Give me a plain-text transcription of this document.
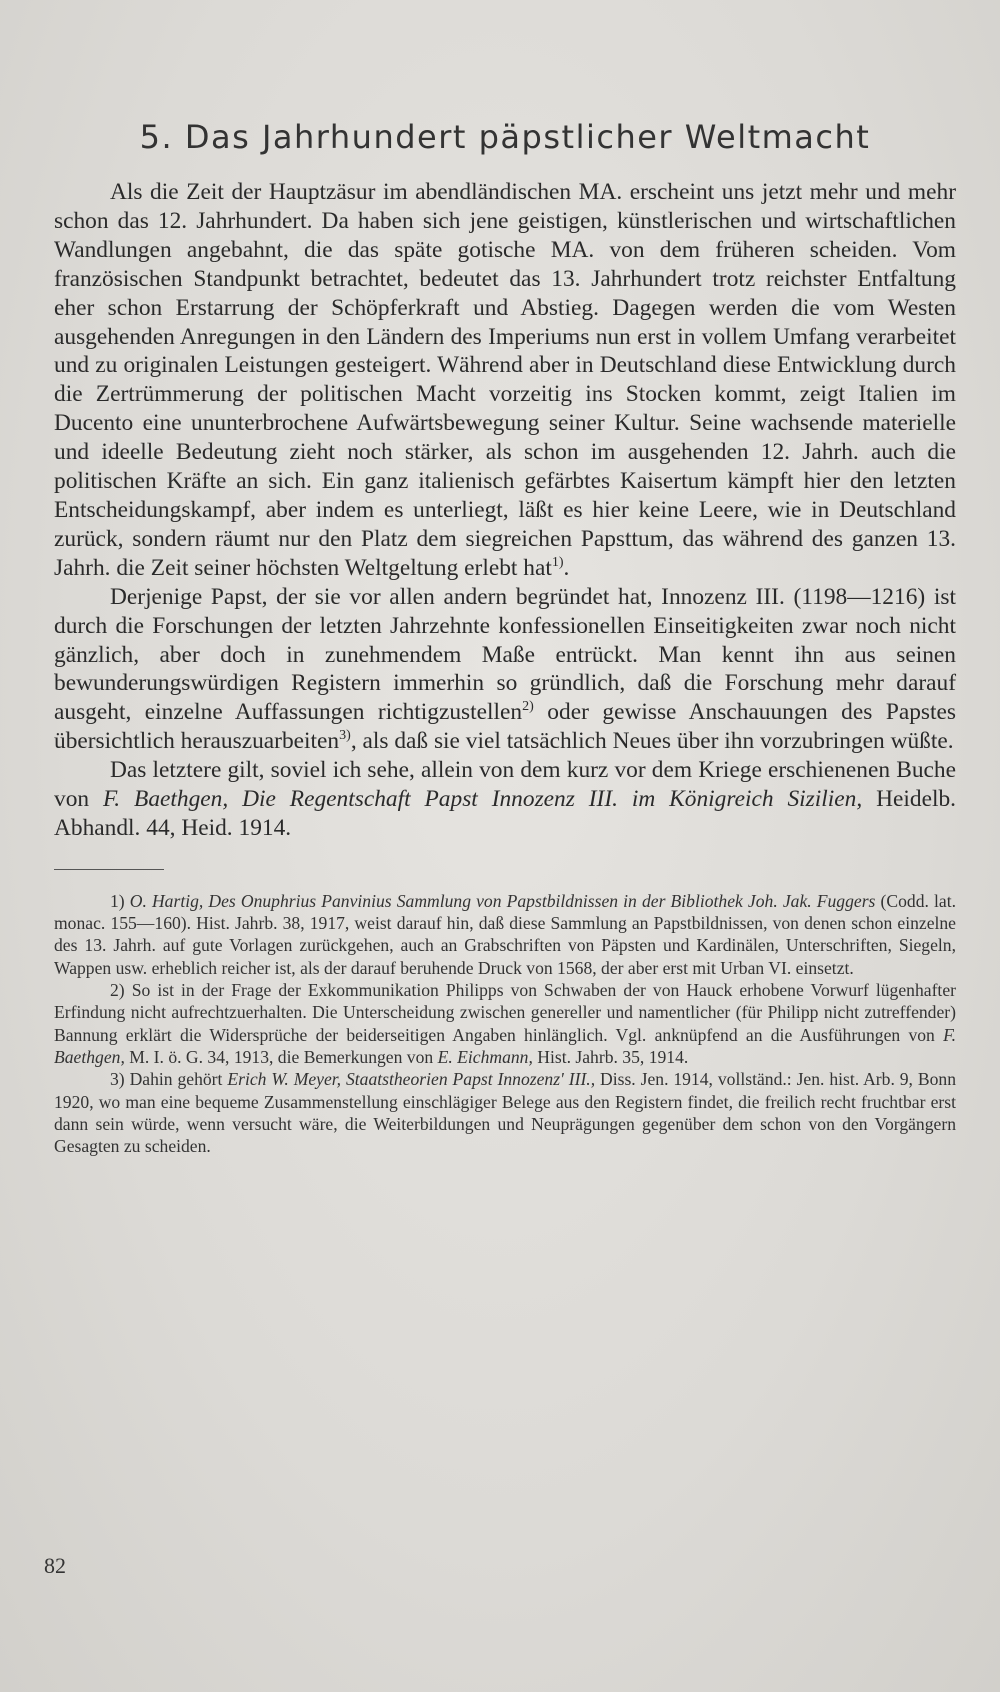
5. Das Jahrhundert päpstlicher Weltmacht

Als die Zeit der Hauptzäsur im abendländischen MA. erscheint uns jetzt mehr und mehr schon das 12. Jahrhundert. Da haben sich jene geistigen, künstlerischen und wirtschaftlichen Wandlungen angebahnt, die das späte gotische MA. von dem früheren scheiden. Vom französischen Standpunkt betrachtet, bedeutet das 13. Jahrhundert trotz reichster Entfaltung eher schon Erstarrung der Schöpferkraft und Abstieg. Dagegen werden die vom Westen ausgehenden Anregungen in den Ländern des Imperiums nun erst in vollem Umfang verarbeitet und zu originalen Leistungen gesteigert. Während aber in Deutschland diese Entwicklung durch die Zertrümmerung der politischen Macht vorzeitig ins Stocken kommt, zeigt Italien im Ducento eine ununterbrochene Aufwärtsbewegung seiner Kultur. Seine wachsende materielle und ideelle Bedeutung zieht noch stärker, als schon im ausgehenden 12. Jahrh. auch die politischen Kräfte an sich. Ein ganz italienisch gefärbtes Kaisertum kämpft hier den letzten Entscheidungskampf, aber indem es unterliegt, läßt es hier keine Leere, wie in Deutschland zurück, sondern räumt nur den Platz dem siegreichen Papsttum, das während des ganzen 13. Jahrh. die Zeit seiner höchsten Weltgeltung erlebt hat$^{1)}$.

Derjenige Papst, der sie vor allen andern begründet hat, Innozenz III. (1198—1216) ist durch die Forschungen der letzten Jahrzehnte konfessionellen Einseitigkeiten zwar noch nicht gänzlich, aber doch in zunehmendem Maße entrückt. Man kennt ihn aus seinen bewunderungswürdigen Registern immerhin so gründlich, daß die Forschung mehr darauf ausgeht, einzelne Auffassungen richtigzustellen$^{2)}$ oder gewisse Anschauungen des Papstes übersichtlich herauszuarbeiten$^{3)}$, als daß sie viel tatsächlich Neues über ihn vorzubringen wüßte.

Das letztere gilt, soviel ich sehe, allein von dem kurz vor dem Kriege erschienenen Buche von F. Baethgen, Die Regentschaft Papst Innozenz III. im Königreich Sizilien, Heidelb. Abhandl. 44, Heid. 1914.

1) O. Hartig, Des Onuphrius Panvinius Sammlung von Papstbildnissen in der Bibliothek Joh. Jak. Fuggers (Codd. lat. monac. 155—160). Hist. Jahrb. 38, 1917, weist darauf hin, daß diese Sammlung an Papstbildnissen, von denen schon einzelne des 13. Jahrh. auf gute Vorlagen zurückgehen, auch an Grabschriften von Päpsten und Kardinälen, Unterschriften, Siegeln, Wappen usw. erheblich reicher ist, als der darauf beruhende Druck von 1568, der aber erst mit Urban VI. einsetzt.

2) So ist in der Frage der Exkommunikation Philipps von Schwaben der von Hauck erhobene Vorwurf lügenhafter Erfindung nicht aufrechtzuerhalten. Die Unterscheidung zwischen genereller und namentlicher (für Philipp nicht zutreffender) Bannung erklärt die Widersprüche der beiderseitigen Angaben hinlänglich. Vgl. anknüpfend an die Ausführungen von F. Baethgen, M. I. ö. G. 34, 1913, die Bemerkungen von E. Eichmann, Hist. Jahrb. 35, 1914.

3) Dahin gehört Erich W. Meyer, Staatstheorien Papst Innozenz' III., Diss. Jen. 1914, vollständ.: Jen. hist. Arb. 9, Bonn 1920, wo man eine bequeme Zusammenstellung einschlägiger Belege aus den Registern findet, die freilich recht fruchtbar erst dann sein würde, wenn versucht wäre, die Weiterbildungen und Neuprägungen gegenüber dem schon von den Vorgängern Gesagten zu scheiden.

82
